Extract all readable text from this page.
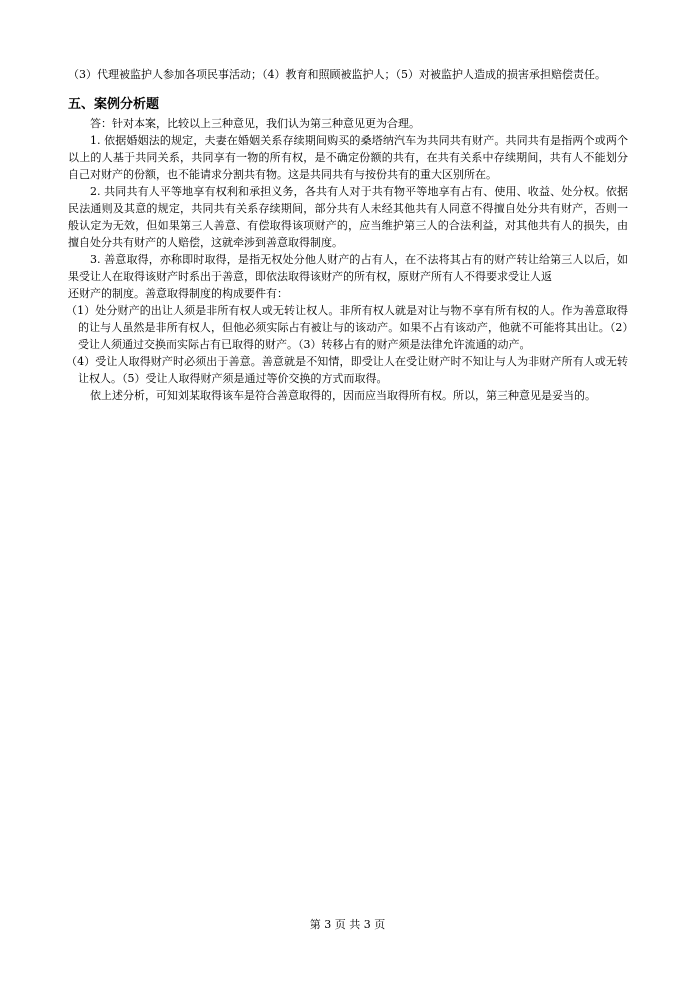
（3）代理被监护人参加各项民事活动；（4）教育和照顾被监护人；（5）对被监护人造成的损害承担赔偿责任。

五、案例分析题

答：针对本案，比较以上三种意见，我们认为第三种意见更为合理。

1. 依据婚姻法的规定，夫妻在婚姻关系存续期间购买的桑塔纳汽车为共同共有财产。共同共有是指两个或两个以上的人基于共同关系，共同享有一物的所有权，是不确定份额的共有，在共有关系中存续期间，共有人不能划分自己对财产的份额，也不能请求分割共有物。这是共同共有与按份共有的重大区别所在。

2. 共同共有人平等地享有权利和承担义务，各共有人对于共有物平等地享有占有、使用、收益、处分权。依据民法通则及其意的规定，共同共有关系存续期间，部分共有人未经其他共有人同意不得擅自处分共有财产，否则一般认定为无效，但如果第三人善意、有偿取得该项财产的，应当维护第三人的合法利益，对其他共有人的损失，由擅自处分共有财产的人赔偿，这就牵涉到善意取得制度。

3. 善意取得，亦称即时取得，是指无权处分他人财产的占有人，在不法将其占有的财产转让给第三人以后，如果受让人在取得该财产时系出于善意，即依法取得该财产的所有权，原财产所有人不得要求受让人返

还财产的制度。善意取得制度的构成要件有：

（1）处分财产的出让人须是非所有权人或无转让权人。非所有权人就是对让与物不享有所有权的人。作为善意取得的让与人虽然是非所有权人，但他必须实际占有被让与的该动产。如果不占有该动产，他就不可能将其出让。（2）受让人须通过交换而实际占有已取得的财产。（3）转移占有的财产须是法律允许流通的动产。

（4）受让人取得财产时必须出于善意。善意就是不知情，即受让人在受让财产时不知让与人为非财产所有人或无转让权人。（5）受让人取得财产须是通过等价交换的方式而取得。

依上述分析，可知刘某取得该车是符合善意取得的，因而应当取得所有权。所以，第三种意见是妥当的。

第 3 页 共 3 页
